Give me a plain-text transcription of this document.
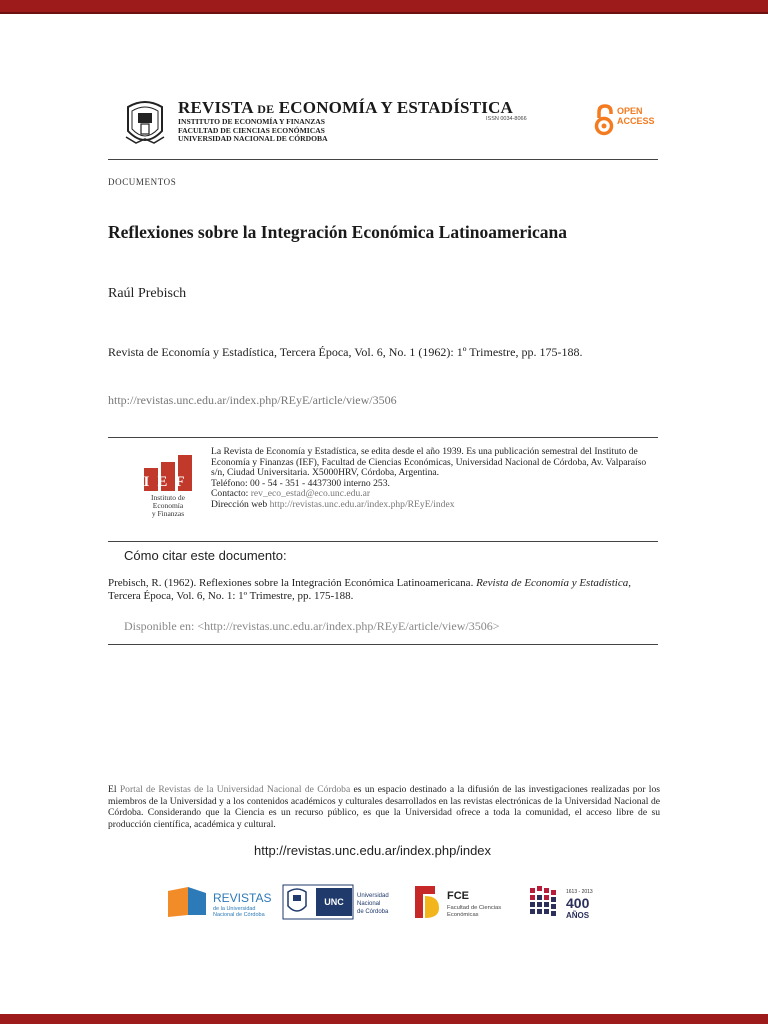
REVISTA DE ECONOMÍA Y ESTADÍSTICA
INSTITUTO DE ECONOMÍA Y FINANZAS
FACULTAD DE CIENCIAS ECONÓMICAS
UNIVERSIDAD NACIONAL DE CÓRDOBA
ISSN 0034-8066
OPEN
ACCESS
DOCUMENTOS
Reflexiones sobre la Integración Económica Latinoamericana
Raúl Prebisch
Revista de Economía y Estadística, Tercera Época, Vol. 6, No. 1 (1962): 1º Trimestre, pp. 175-188.
http://revistas.unc.edu.ar/index.php/REyE/article/view/3506
IEF
Instituto de
Economía
y Finanzas
La Revista de Economía y Estadística, se edita desde el año 1939. Es una publicación semestral del Instituto de Economía y Finanzas (IEF), Facultad de Ciencias Económicas, Universidad Nacional de Córdoba, Av. Valparaíso s/n, Ciudad Universitaria. X5000HRV, Córdoba, Argentina.
Teléfono: 00 - 54 - 351 - 4437300 interno 253.
Contacto: rev_eco_estad@eco.unc.edu.ar
Dirección web http://revistas.unc.edu.ar/index.php/REyE/index
Cómo citar este documento:
Prebisch, R. (1962). Reflexiones sobre la Integración Económica Latinoamericana. Revista de Economía y Estadística, Tercera Época, Vol. 6, No. 1: 1º Trimestre, pp. 175-188.
Disponible en: <http://revistas.unc.edu.ar/index.php/REyE/article/view/3506>
El Portal de Revistas de la Universidad Nacional de Córdoba es un espacio destinado a la difusión de las investigaciones realizadas por los miembros de la Universidad y a los contenidos académicos y culturales desarrollados en las revistas electrónicas de la Universidad Nacional de Córdoba. Considerando que la Ciencia es un recurso público, es que la Universidad ofrece a toda la comunidad, el acceso libre de su producción científica, académica y cultural.
http://revistas.unc.edu.ar/index.php/index
REVISTAS
de la Universidad
Nacional de Córdoba
UNC
Universidad
Nacional
de Córdoba
FCE
Facultad de Ciencias
Económicas
1613 - 2013
400
AÑOS
